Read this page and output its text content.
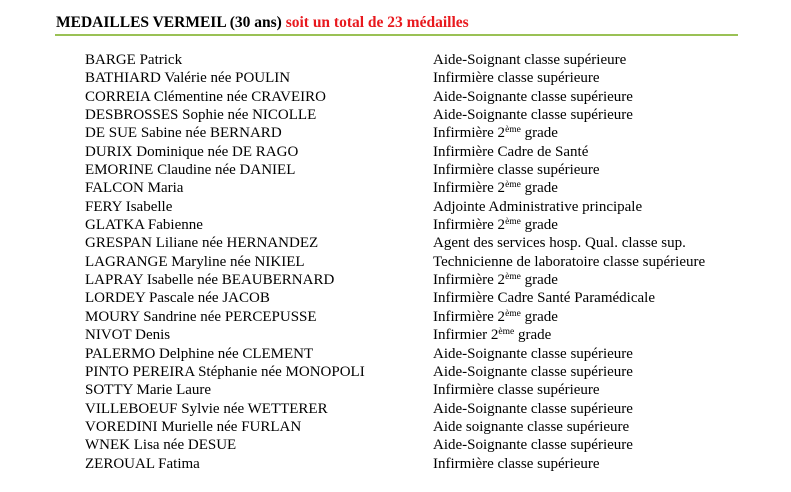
MEDAILLES VERMEIL (30 ans) soit un total de 23 médailles
BARGE Patrick	Aide-Soignant classe supérieure
BATHIARD Valérie née POULIN	Infirmière classe supérieure
CORREIA Clémentine née CRAVEIRO	Aide-Soignante classe supérieure
DESBROSSES Sophie née NICOLLE	Aide-Soignante classe supérieure
DE SUE Sabine née BERNARD	Infirmière 2ème grade
DURIX Dominique née DE RAGO	Infirmière Cadre de Santé
EMORINE Claudine née DANIEL	Infirmière classe supérieure
FALCON Maria	Infirmière 2ème grade
FERY Isabelle	Adjointe Administrative principale
GLATKA Fabienne	Infirmière 2ème grade
GRESPAN Liliane née HERNANDEZ	Agent des services hosp. Qual. classe sup.
LAGRANGE Maryline née NIKIEL	Technicienne de laboratoire classe supérieure
LAPRAY Isabelle née BEAUBERNARD	Infirmière 2ème grade
LORDEY Pascale née JACOB	Infirmière Cadre Santé Paramédicale
MOURY Sandrine née PERCEPUSSE	Infirmière 2ème grade
NIVOT Denis	Infirmier 2ème grade
PALERMO Delphine née CLEMENT	Aide-Soignante classe supérieure
PINTO PEREIRA Stéphanie née MONOPOLI	Aide-Soignante classe supérieure
SOTTY Marie Laure	Infirmière classe supérieure
VILLEBOEUF Sylvie née WETTERER	Aide-Soignante classe supérieure
VOREDINI Murielle née FURLAN	Aide soignante classe supérieure
WNEK Lisa née DESUE	Aide-Soignante classe supérieure
ZEROUAL Fatima	Infirmière classe supérieure
